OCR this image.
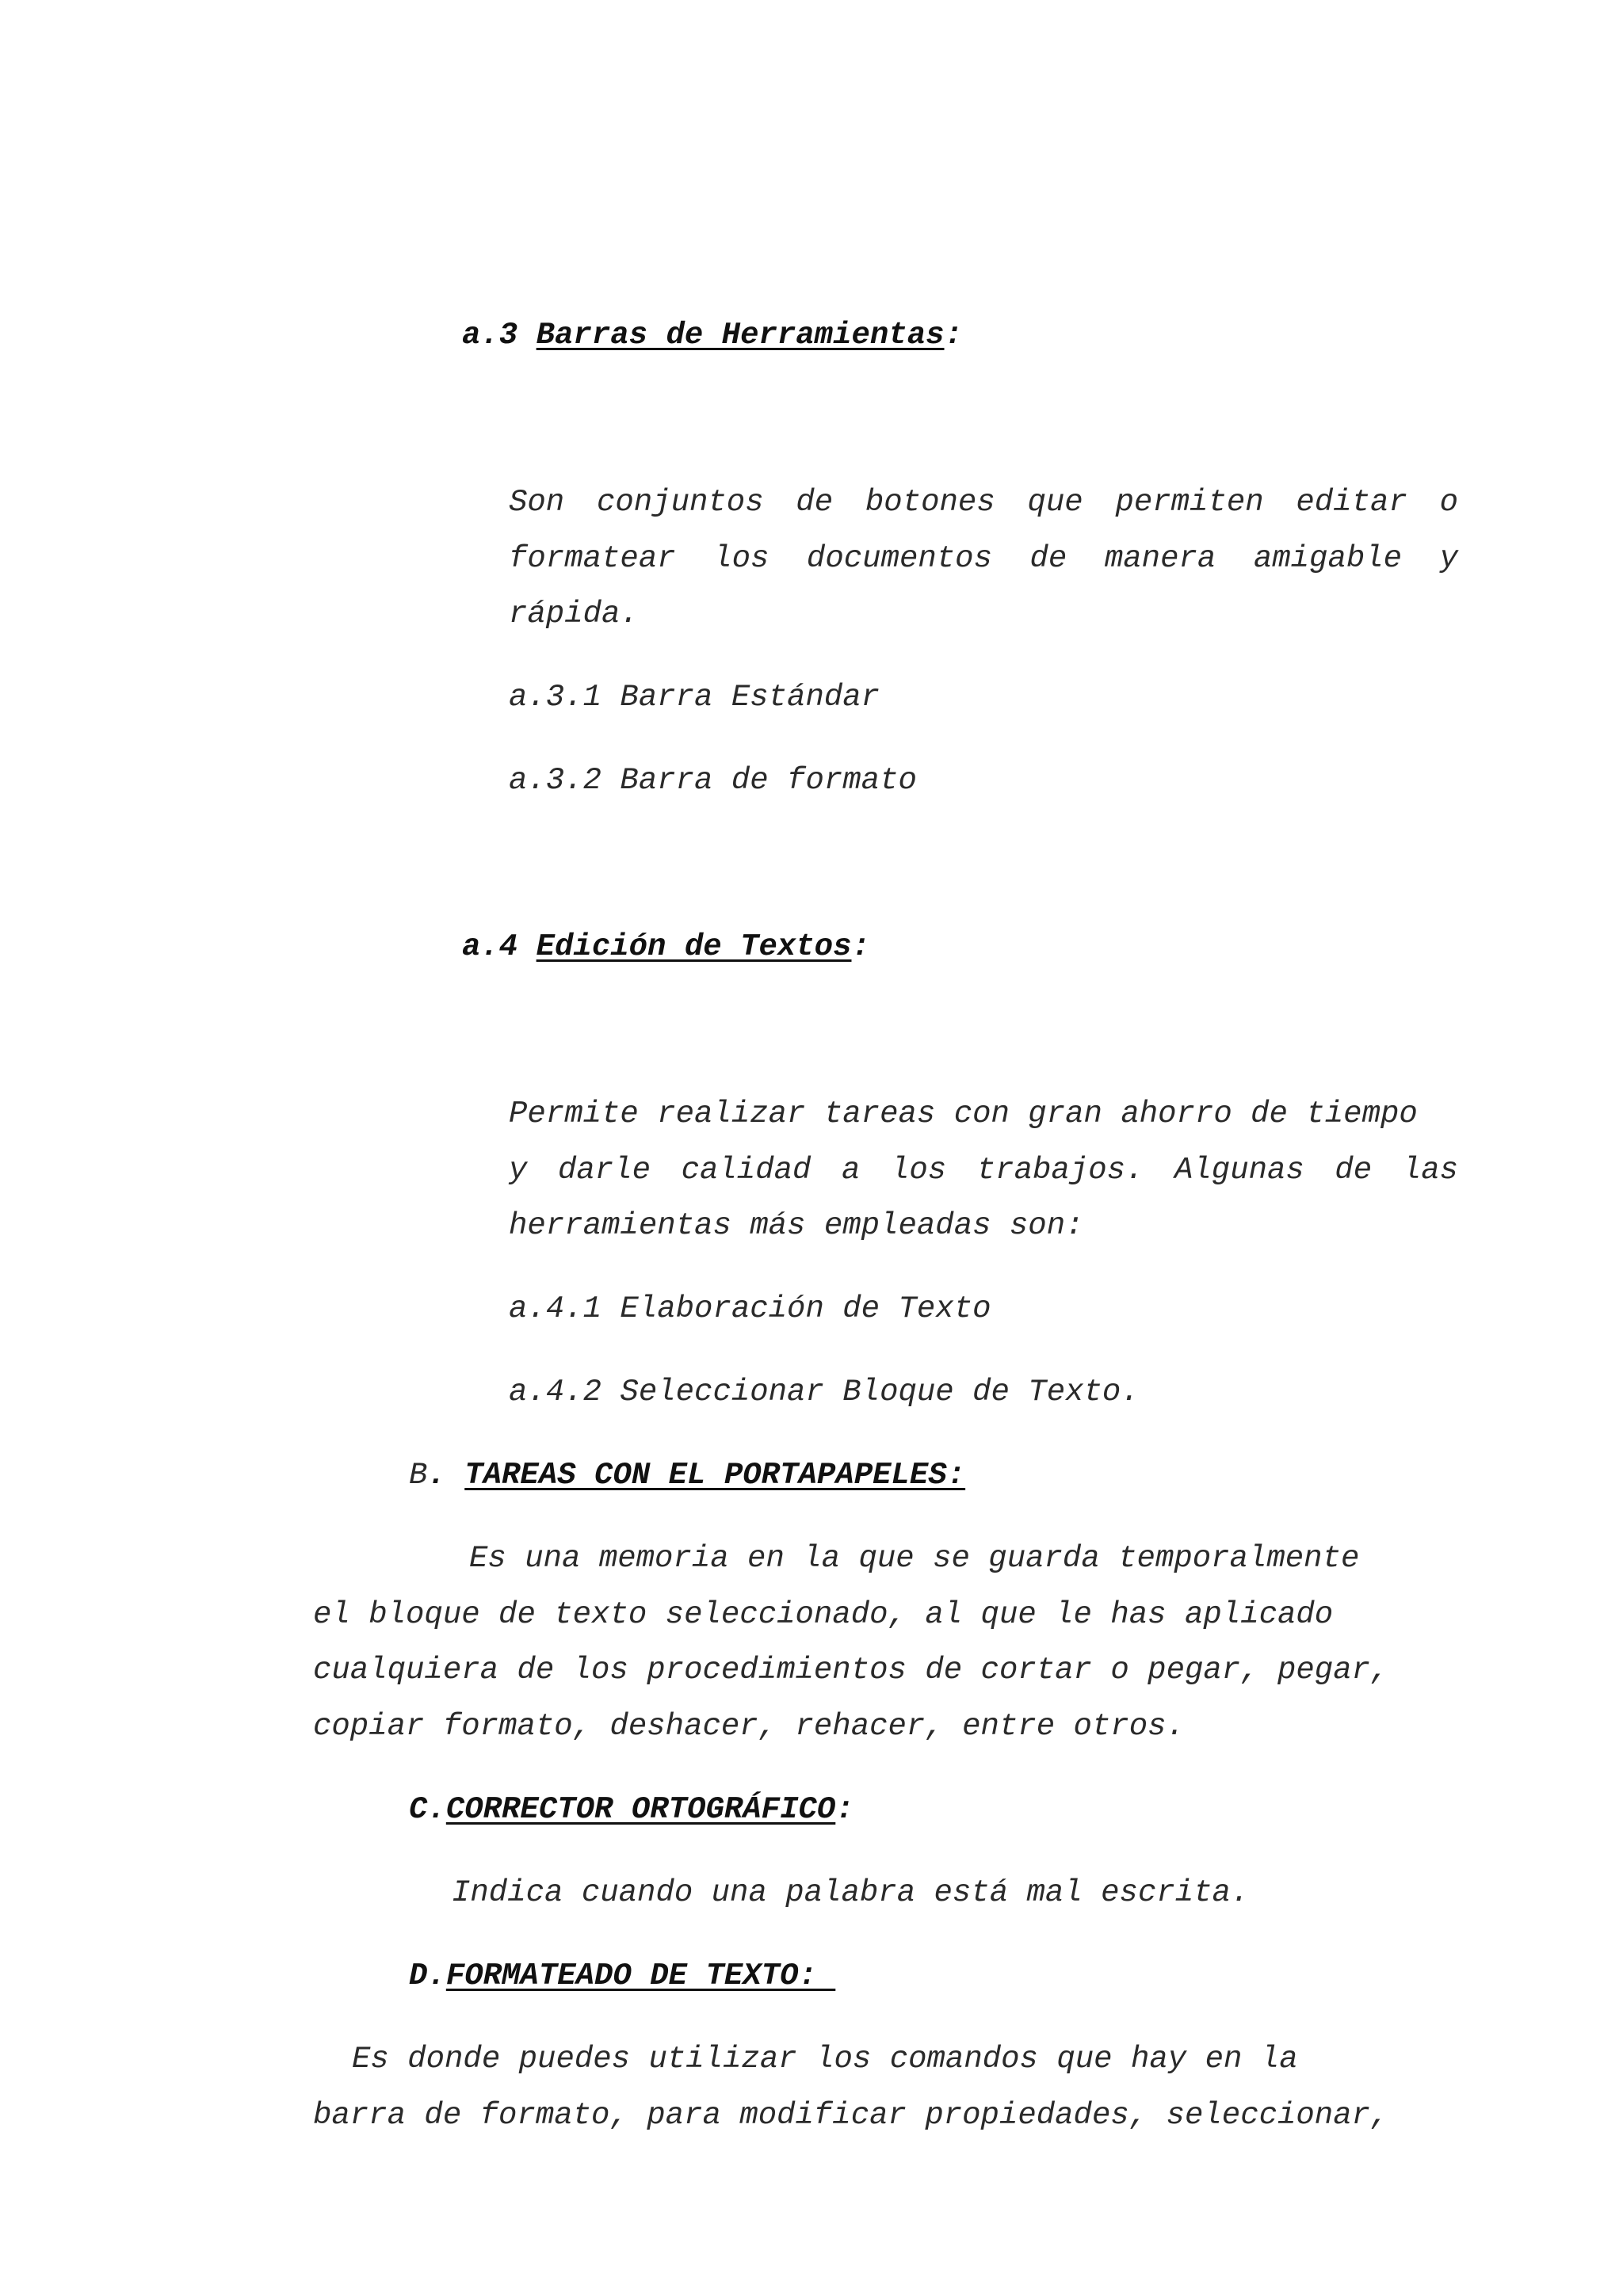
a.3 Barras de Herramientas:
Son conjuntos de botones que permiten editar o
formatear los documentos de manera amigable y
rápida.
a.3.1 Barra Estándar
a.3.2 Barra de formato
a.4 Edición de Textos:
Permite realizar tareas con gran ahorro de tiempo
y darle calidad a los trabajos. Algunas de las
herramientas más empleadas son:
a.4.1 Elaboración de Texto
a.4.2 Seleccionar Bloque de Texto.
B. TAREAS CON EL PORTAPAPELES:
Es una memoria en la que se guarda temporalmente
el bloque de texto seleccionado, al que le has aplicado
cualquiera de los procedimientos de cortar o pegar, pegar,
copiar formato, deshacer, rehacer, entre otros.
C.CORRECTOR ORTOGRÁFICO:
Indica cuando una palabra está mal escrita.
D.FORMATEADO DE TEXTO:
Es donde puedes utilizar los comandos que hay en la
barra de formato, para modificar propiedades, seleccionar,
